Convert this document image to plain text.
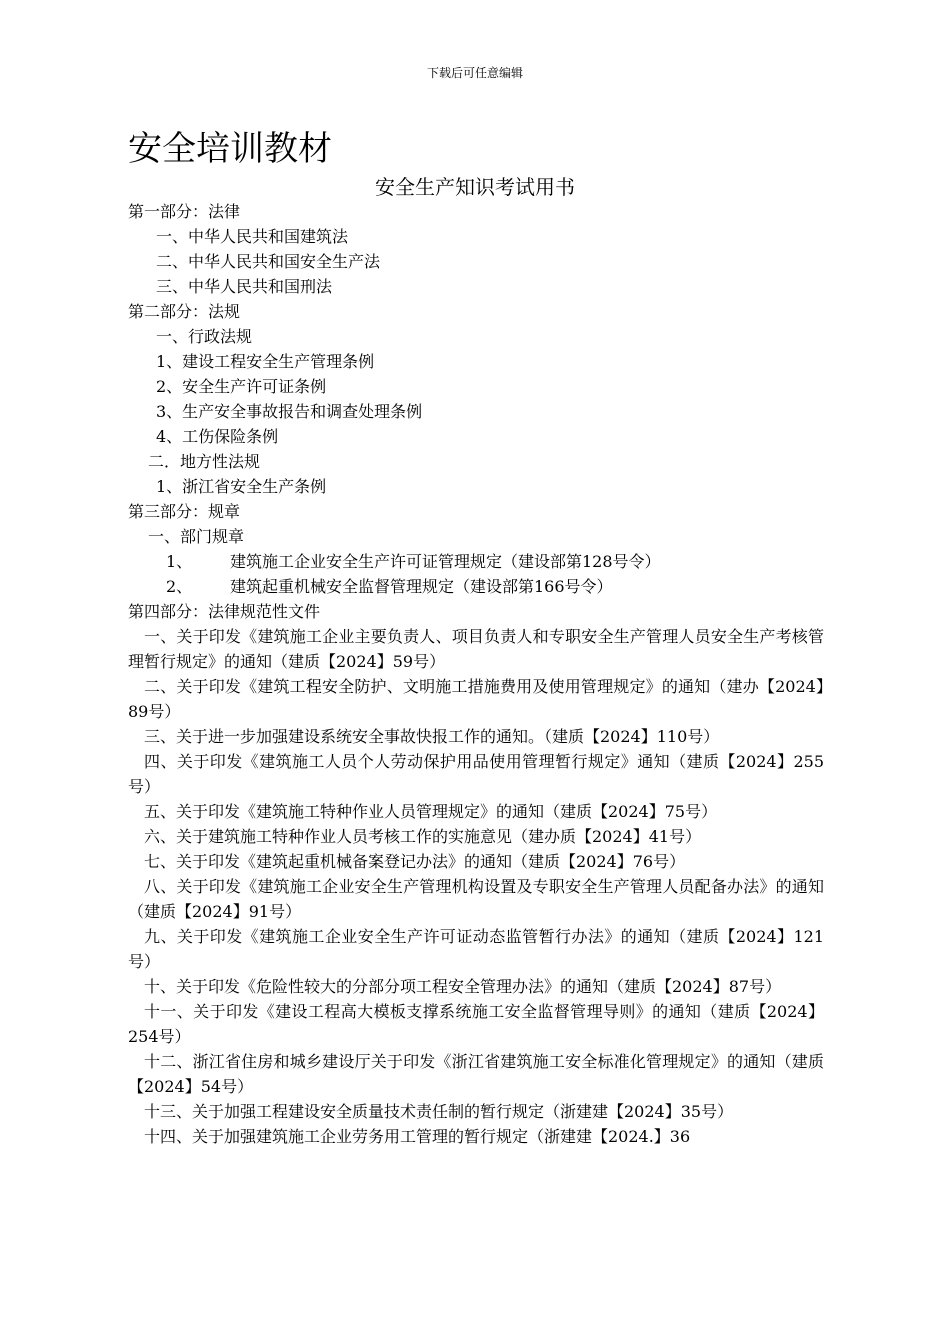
下载后可任意编辑
安全培训教材
安全生产知识考试用书
第一部分：法律
一、中华人民共和国建筑法
二、中华人民共和国安全生产法
三、中华人民共和国刑法
第二部分：法规
一、行政法规
1、建设工程安全生产管理条例
2、安全生产许可证条例
3、生产安全事故报告和调查处理条例
4、工伤保险条例
二．地方性法规
1、浙江省安全生产条例
第三部分：规章
一、部门规章
1、 建筑施工企业安全生产许可证管理规定（建设部第128号令）
2、 建筑起重机械安全监督管理规定（建设部第166号令）
第四部分：法律规范性文件

一、关于印发《建筑施工企业主要负责人、项目负责人和专职安全生产管理人员安全生产考核管理暂行规定》的通知（建质【2024】59号）

二、关于印发《建筑工程安全防护、文明施工措施费用及使用管理规定》的通知（建办【2024】89号）

三、关于进一步加强建设系统安全事故快报工作的通知。（建质【2024】110号）

四、关于印发《建筑施工人员个人劳动保护用品使用管理暂行规定》通知（建质【2024】255号）

五、关于印发《建筑施工特种作业人员管理规定》的通知（建质【2024】75号）

六、关于建筑施工特种作业人员考核工作的实施意见（建办质【2024】41号）

七、关于印发《建筑起重机械备案登记办法》的通知（建质【2024】76号）

八、关于印发《建筑施工企业安全生产管理机构设置及专职安全生产管理人员配备办法》的通知（建质【2024】91号）

九、关于印发《建筑施工企业安全生产许可证动态监管暂行办法》的通知（建质【2024】121号）

十、关于印发《危险性较大的分部分项工程安全管理办法》的通知（建质【2024】87号）

十一、关于印发《建设工程高大模板支撑系统施工安全监督管理导则》的通知（建质【2024】254号）

十二、浙江省住房和城乡建设厅关于印发《浙江省建筑施工安全标准化管理规定》的通知（建质【2024】54号）

十三、关于加强工程建设安全质量技术责任制的暂行规定（浙建建【2024】35号）

十四、关于加强建筑施工企业劳务用工管理的暂行规定（浙建建【2024.】36
